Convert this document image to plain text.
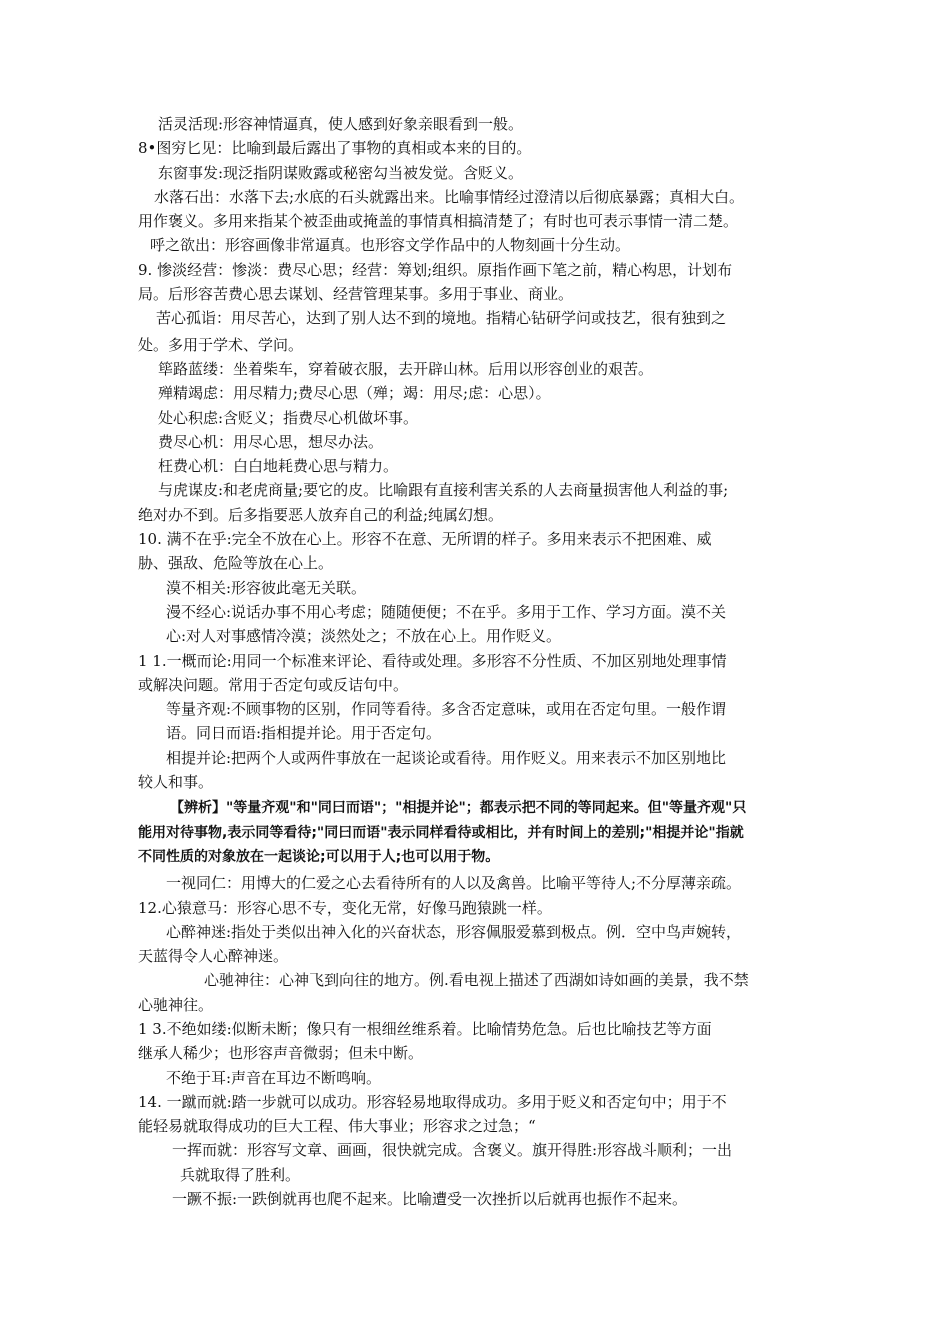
活灵活现:形容神情逼真，使人感到好象亲眼看到一般。
8•图穷匕见：比喻到最后露出了事物的真相或本来的目的。
东窗事发:现泛指阴谋败露或秘密勾当被发觉。含贬义。
水落石出：水落下去;水底的石头就露出来。比喻事情经过澄清以后彻底暴露；真相大白。
用作褒义。多用来指某个被歪曲或掩盖的事情真相搞清楚了；有时也可表示事情一清二楚。
呼之欲出：形容画像非常逼真。也形容文学作品中的人物刻画十分生动。
9. 惨淡经营：惨淡：费尽心思；经营：筹划;组织。原指作画下笔之前，精心构思，计划布
局。后形容苦费心思去谋划、经营管理某事。多用于事业、商业。
苦心孤诣：用尽苦心，达到了别人达不到的境地。指精心钻研学问或技艺，很有独到之
处。多用于学术、学问。
筚路蓝缕：坐着柴车，穿着破衣服，去开辟山林。后用以形容创业的艰苦。
殚精竭虑：用尽精力;费尽心思（殚；竭：用尽;虑：心思）。
处心积虑:含贬义；指费尽心机做坏事。
费尽心机：用尽心思，想尽办法。
枉费心机：白白地耗费心思与精力。
与虎谋皮:和老虎商量;要它的皮。比喻跟有直接利害关系的人去商量损害他人利益的事;
绝对办不到。后多指要恶人放弃自己的利益;纯属幻想。
10. 满不在乎:完全不放在心上。形容不在意、无所谓的样子。多用来表示不把困难、威
胁、强敌、危险等放在心上。
漠不相关:形容彼此毫无关联。
漫不经心:说话办事不用心考虑；随随便便；不在乎。多用于工作、学习方面。漠不关
心:对人对事感情冷漠；淡然处之；不放在心上。用作贬义。
1 1.一概而论:用同一个标准来评论、看待或处理。多形容不分性质、不加区别地处理事情
或解决问题。常用于否定句或反诘句中。
等量齐观:不顾事物的区别，作同等看待。多含否定意味，或用在否定句里。一般作谓
语。同日而语:指相提并论。用于否定句。
相提并论:把两个人或两件事放在一起谈论或看待。用作贬义。用来表示不加区别地比
较人和事。
【辨析】"等量齐观"和"同曰而语"；"相提并论"；都表示把不同的等同起来。但"等量齐观"只
能用对待事物,表示同等看待;"同曰而语"表示同样看待或相比，并有时间上的差别;"相提并论"指就
不同性质的对象放在一起谈论;可以用于人;也可以用于物。
一视同仁：用博大的仁爱之心去看待所有的人以及禽兽。比喻平等待人;不分厚薄亲疏。
12.心猿意马：形容心思不专，变化无常，好像马跑猿跳一样。
心醉神迷:指处于类似出神入化的兴奋状态，形容佩服爱慕到极点。例．空中鸟声婉转，
天蓝得令人心醉神迷。
心驰神往：心神飞到向往的地方。例.看电视上描述了西湖如诗如画的美景，我不禁
心驰神往。
1 3.不绝如缕:似断未断；像只有一根细丝维系着。比喻情势危急。后也比喻技艺等方面
继承人稀少；也形容声音微弱；但未中断。
不绝于耳:声音在耳边不断鸣响。
14. 一蹴而就:踏一步就可以成功。形容轻易地取得成功。多用于贬义和否定句中；用于不
能轻易就取得成功的巨大工程、伟大事业；形容求之过急；“
一挥而就：形容写文章、画画，很快就完成。含褒义。旗开得胜:形容战斗顺利；一出
兵就取得了胜利。
一蹶不振:一跌倒就再也爬不起来。比喻遭受一次挫折以后就再也振作不起来。
